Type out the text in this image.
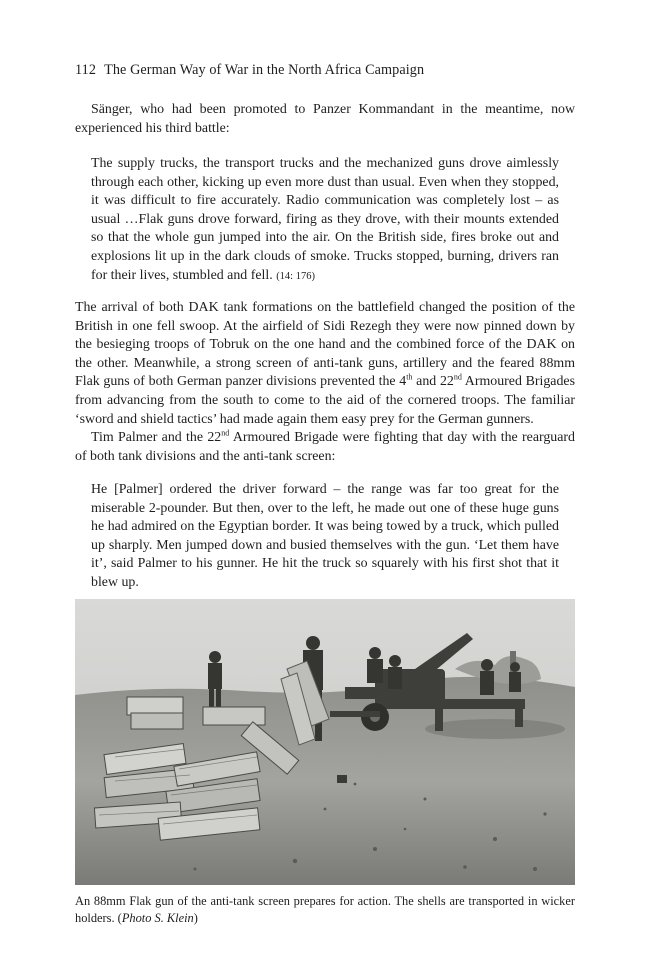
112 The German Way of War in the North Africa Campaign

Sänger, who had been promoted to Panzer Kommandant in the meantime, now experienced his third battle:

The supply trucks, the transport trucks and the mechanized guns drove aimlessly through each other, kicking up even more dust than usual. Even when they stopped, it was difficult to fire accurately. Radio communication was completely lost – as usual …Flak guns drove forward, firing as they drove, with their mounts extended so that the whole gun jumped into the air. On the British side, fires broke out and explosions lit up in the dark clouds of smoke. Trucks stopped, burning, drivers ran for their lives, stumbled and fell. (14: 176)

The arrival of both DAK tank formations on the battlefield changed the position of the British in one fell swoop. At the airfield of Sidi Rezegh they were now pinned down by the besieging troops of Tobruk on the one hand and the combined force of the DAK on the other. Meanwhile, a strong screen of anti-tank guns, artillery and the feared 88mm Flak guns of both German panzer divisions prevented the 4th and 22nd Armoured Brigades from advancing from the south to come to the aid of the cornered troops. The familiar ‘sword and shield tactics’ had made again them easy prey for the German gunners.

Tim Palmer and the 22nd Armoured Brigade were fighting that day with the rearguard of both tank divisions and the anti-tank screen:

He [Palmer] ordered the driver forward – the range was far too great for the miserable 2-pounder. But then, over to the left, he made out one of these huge guns he had admired on the Egyptian border. It was being towed by a truck, which pulled up sharply. Men jumped down and busied themselves with the gun. ‘Let them have it’, said Palmer to his gunner. He hit the truck so squarely with his first shot that it blew up.

An 88mm Flak gun of the anti-tank screen prepares for action. The shells are transported in wicker holders. (Photo S. Klein)
